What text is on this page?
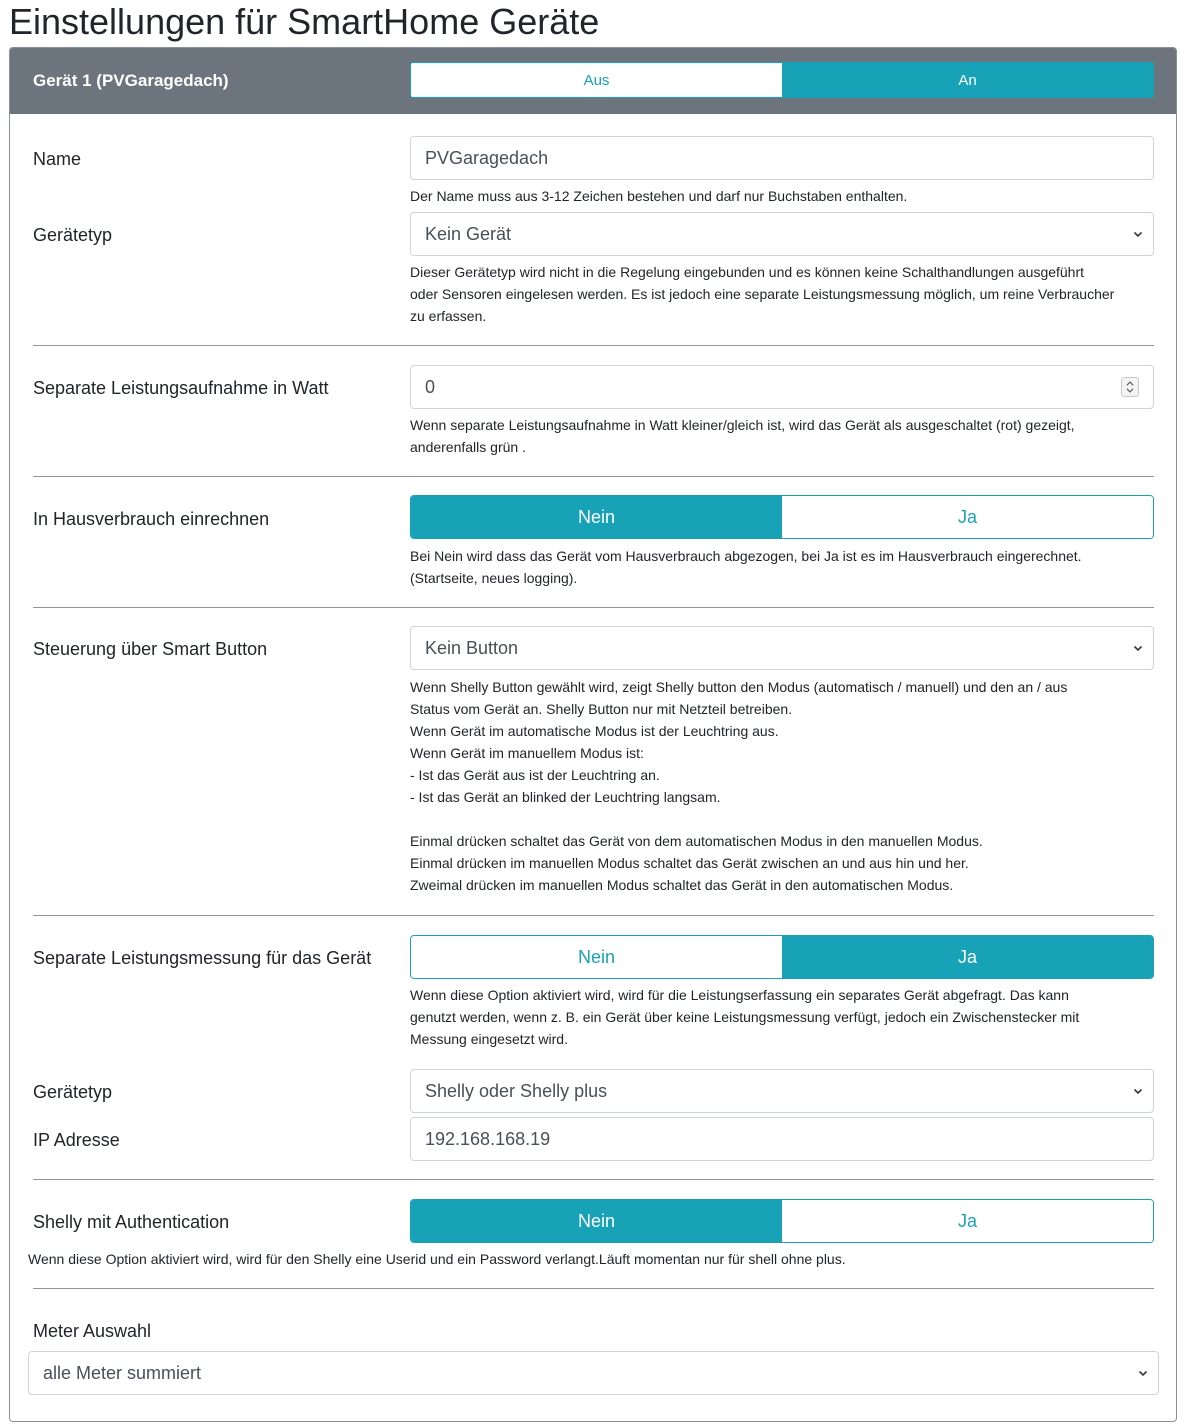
Einstellungen für SmartHome Geräte
Gerät 1 (PVGaragedach)	Aus	An
Name	PVGaragedach
Der Name muss aus 3-12 Zeichen bestehen und darf nur Buchstaben enthalten.
Gerätetyp	Kein Gerät
Dieser Gerätetyp wird nicht in die Regelung eingebunden und es können keine Schalthandlungen ausgeführt
oder Sensoren eingelesen werden. Es ist jedoch eine separate Leistungsmessung möglich, um reine Verbraucher
zu erfassen.
Separate Leistungsaufnahme in Watt	0
Wenn separate Leistungsaufnahme in Watt kleiner/gleich ist, wird das Gerät als ausgeschaltet (rot) gezeigt,
anderenfalls grün .
In Hausverbrauch einrechnen	Nein	Ja
Bei Nein wird dass das Gerät vom Hausverbrauch abgezogen, bei Ja ist es im Hausverbrauch eingerechnet.
(Startseite, neues logging).
Steuerung über Smart Button	Kein Button
Wenn Shelly Button gewählt wird, zeigt Shelly button den Modus (automatisch / manuell) und den an / aus
Status vom Gerät an. Shelly Button nur mit Netzteil betreiben.
Wenn Gerät im automatische Modus ist der Leuchtring aus.
Wenn Gerät im manuellem Modus ist:
- Ist das Gerät aus ist der Leuchtring an.
- Ist das Gerät an blinked der Leuchtring langsam.
Einmal drücken schaltet das Gerät von dem automatischen Modus in den manuellen Modus.
Einmal drücken im manuellen Modus schaltet das Gerät zwischen an und aus hin und her.
Zweimal drücken im manuellen Modus schaltet das Gerät in den automatischen Modus.
Separate Leistungsmessung für das Gerät	Nein	Ja
Wenn diese Option aktiviert wird, wird für die Leistungserfassung ein separates Gerät abgefragt. Das kann
genutzt werden, wenn z. B. ein Gerät über keine Leistungsmessung verfügt, jedoch ein Zwischenstecker mit
Messung eingesetzt wird.
Gerätetyp	Shelly oder Shelly plus
IP Adresse	192.168.168.19
Shelly mit Authentication	Nein	Ja
Wenn diese Option aktiviert wird, wird für den Shelly eine Userid und ein Password verlangt.Läuft momentan nur für shell ohne plus.
Meter Auswahl
alle Meter summiert
